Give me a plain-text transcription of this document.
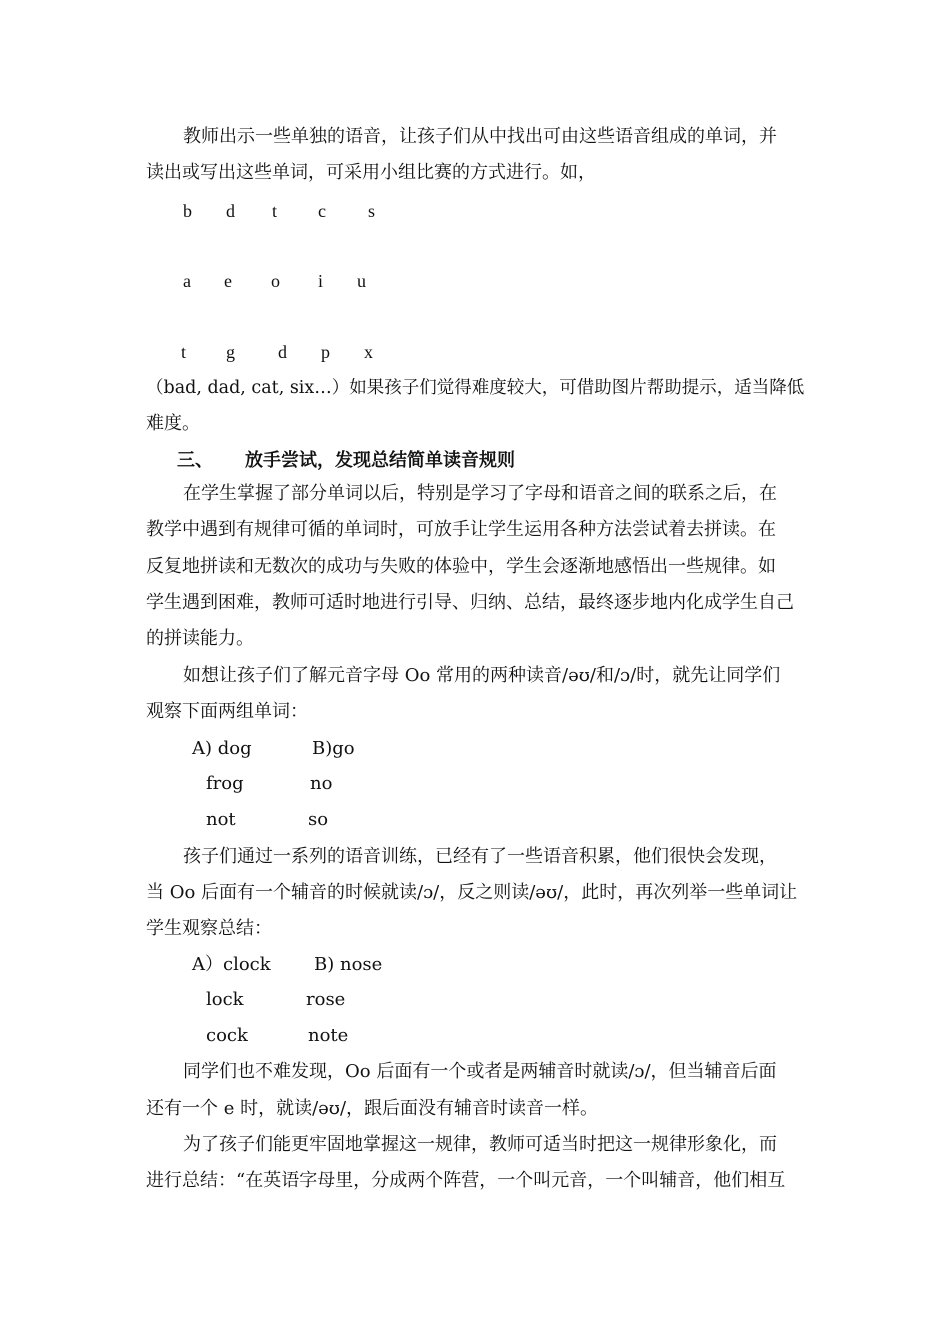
教师出示一些单独的语音，让孩子们从中找出可由这些语音组成的单词，并
读出或写出这些单词，可采用小组比赛的方式进行。如，
b d t c s
a e o i u
t g d p x
（bad, dad, cat, six…）如果孩子们觉得难度较大，可借助图片帮助提示，适当降低
难度。
三、 放手尝试，发现总结简单读音规则
在学生掌握了部分单词以后，特别是学习了字母和语音之间的联系之后，在
教学中遇到有规律可循的单词时，可放手让学生运用各种方法尝试着去拼读。在
反复地拼读和无数次的成功与失败的体验中，学生会逐渐地感悟出一些规律。如
学生遇到困难，教师可适时地进行引导、归纳、总结，最终逐步地内化成学生自己
的拼读能力。
如想让孩子们了解元音字母 Oo 常用的两种读音/əʊ/和/ɔ/时，就先让同学们
观察下面两组单词：
A) dog	B)go
frog	no
not	so
孩子们通过一系列的语音训练，已经有了一些语音积累，他们很快会发现，
当 Oo 后面有一个辅音的时候就读/ɔ/，反之则读/əʊ/，此时，再次列举一些单词让
学生观察总结：
A）clock B) nose
lock	rose
cock	note
同学们也不难发现，Oo 后面有一个或者是两辅音时就读/ɔ/，但当辅音后面
还有一个 e 时，就读/əʊ/，跟后面没有辅音时读音一样。
为了孩子们能更牢固地掌握这一规律，教师可适当时把这一规律形象化，而
进行总结：“在英语字母里，分成两个阵营，一个叫元音，一个叫辅音，他们相互
